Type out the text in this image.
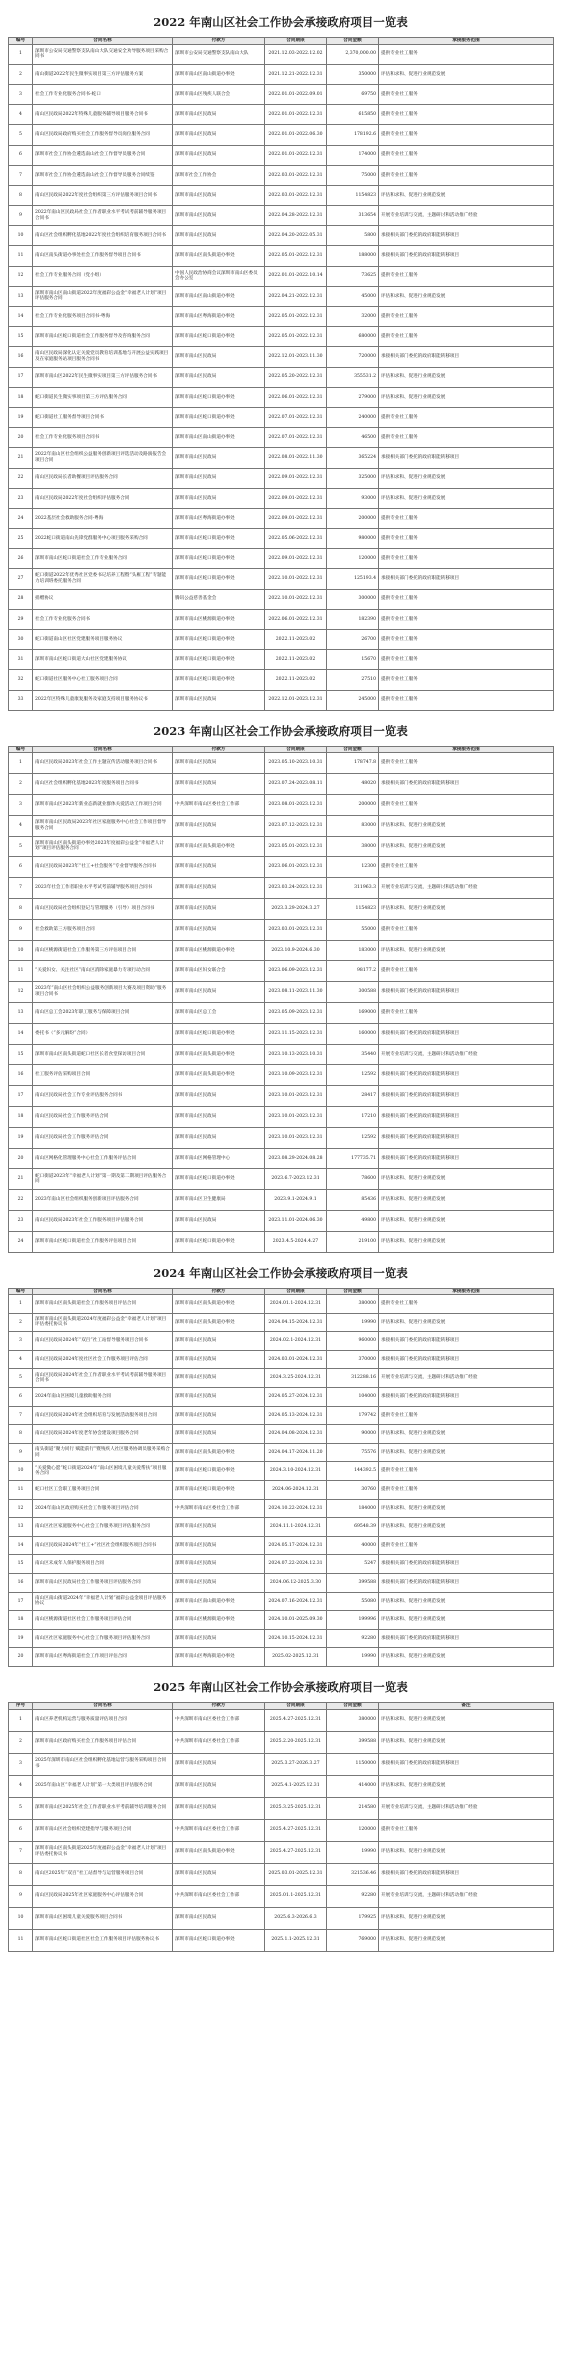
2022 年南山区社会工作协会承接政府项目一览表
编号	合同名称	付款方	合同期限	合同金额	承接服务范围
1	深圳市公安局交通警察支队南山大队交通安全劝导服务项目采购合同书	深圳市公安局交通警察支队南山大队	2021.12.03-2022.12.02	2,370,000.00	提供专业社工服务
2	南山街道2022年民生微事实项目第三方评估服务方案	深圳市南山区南山街道办事处	2021.12.21-2022.12.31	350000	评估和求和、促进行业规范发展
3	社会工作专业化服务合同书-蛇口	深圳市南山区残疾人联合会	2022.01.01-2022.09.01	69750	提供专业社工服务
4	南山区民政局2022年特殊儿童服务辅导项目服务合同书	深圳市南山区民政局	2022.01.01-2022.12.31	615850	提供专业社工服务
5	南山区民政局政府购买社会工作服务督导员岗位服务合同	深圳市南山区民政局	2022.01.01-2022.06.30	178192.6	提供专业社工服务
6	深圳市社会工作协会遴选南山社会工作督导员服务合同	深圳市南山区民政局	2022.01.01-2022.12.31	174000	提供专业社工服务
7	深圳市社会工作协会遴选南山社会工作督导员服务合同续签	深圳市社会工作协会	2022.03.01-2022.12.31	75000	提供专业社工服务
8	南山区民政局2022年度社会组织第三方评估服务项目合同书	深圳市南山区民政局	2022.03.01-2022.12.31	1154823	评估和求和、促进行业规范发展
9	2022年南山区民政局社会工作者职业水平考试考前辅导服务项目合同书	深圳市南山区民政局	2022.04.28-2022.12.31	313654	开展专业培训与交流，主题研讨和活动推广经验
10	南山区社会组织孵化基地2022年度社会组织培育服务项目合同书	深圳市南山区民政局	2022.04.20-2022.05.31	5800	承接相关部门委托的政府职能转移项目
11	南山区南头街道办事处社会工作服务督导项目合同书	深圳市南山区南头街道办事处	2022.05.01-2022.12.31	188000	承接相关部门委托的政府职能转移项目
12	社会工作专业服务合同（党小组）	中国人民政治协商会议深圳市南山区委员会办公室	2022.01.01-2022.10.14	73625	提供专业社工服务
13	深圳市南山区南山街道2022年度福彩公益金“幸福老人计划”项目评估服务合同	深圳市南山区南山街道办事处	2022.04.21-2022.12.31	45000	评估和求和、促进行业规范发展
14	社会工作专业化服务项目合同书-粤海	深圳市南山区粤海街道办事处	2022.05.01-2022.12.31	32000	提供专业社工服务
15	深圳市南山区蛇口街道社会工作服务督导及咨询服务合同	深圳市南山区蛇口街道办事处	2022.05.01-2022.12.31	680000	提供专业社工服务
16	南山区民政局深化认定关爱党员教育培训基地与开展公益实践项目及在家庭服务站项目服务合同书	深圳市南山区民政局	2022.12.01-2023.11.30	720000	承接相关部门委托的政府职能转移项目
17	深圳市南山区2022年民生微事实项目第三方评估服务合同书	深圳市南山区民政局	2022.05.20-2022.12.31	355531.2	评估和求和、促进行业规范发展
18	蛇口街道民生微实事项目第三方评估服务合同	深圳市南山区蛇口街道办事处	2022.06.01-2022.12.31	279000	评估和求和、促进行业规范发展
19	蛇口街道社工服务督导项目合同书	深圳市南山区蛇口街道办事处	2022.07.01-2022.12.31	240000	提供专业社工服务
20	社会工作专业化服务项目合同书	深圳市南山区南山街道办事处	2022.07.01-2022.12.31	46500	提供专业社工服务
21	2022年南山区社会组织公益服务创新项目评选活动及路演报告会项目合同	深圳市南山区民政局	2022.08.01-2022.11.30	365224	承接相关部门委托的政府职能转移项目
22	南山区民政局长者助餐项目评估服务合同	深圳市南山区民政局	2022.09.01-2022.12.31	325000	评估和求和、促进行业规范发展
23	南山区民政局2022年度社会组织评估服务合同	深圳市南山区民政局	2022.09.01-2022.12.31	93000	评估和求和、促进行业规范发展
24	2022基层社会救助服务合同-粤海	深圳市南山区粤海街道办事处	2022.09.01-2022.12.31	200000	提供专业社工服务
25	2022蛇口街道南山先锋党群服务中心项目服务采购合同	深圳市南山区蛇口街道办事处	2022.05.06-2022.12.31	980000	提供专业社工服务
26	深圳市南山区蛇口街道社会工作专业服务合同	深圳市南山区蛇口街道办事处	2022.09.01-2022.12.31	120000	提供专业社工服务
27	蛇口街道2022年优秀社区党委书记培养工程暨“头雁工程”专题能力培训班委托服务合同	深圳市南山区蛇口街道办事处	2022.10.01-2022.12.31	125193.4	承接相关部门委托的政府职能转移项目
28	捐赠协议	腾讯公益慈善基金会	2022.10.01-2022.12.31	300000	提供专业社工服务
29	社会工作专业化服务合同书	深圳市南山区桃源街道办事处	2022.06.01-2022.12.31	182390	提供专业社工服务
30	蛇口街道南山区社区党建服务项目服务协议	深圳市南山区蛇口街道办事处	2022.11-2023.02	26700	提供专业社工服务
31	深圳市南山区蛇口街道大山社区党建服务协议	深圳市南山区蛇口街道办事处	2022.11-2023.02	15670	提供专业社工服务
32	蛇口街道社区服务中心社工服务项目合同	深圳市南山区蛇口街道办事处	2022.11-2023.02	27510	提供专业社工服务
33	2022年区特殊儿童康复服务及家庭支持项目服务协议书	深圳市南山区民政局	2022.12.01-2023.12.31	245000	提供专业社工服务
2023 年南山区社会工作协会承接政府项目一览表
编号	合同名称	付款方	合同期限	合同金额	承接服务范围
1	南山区民政局2023年社会工作主题宣传活动服务项目合同书	深圳市南山区民政局	2023.05.10-2023.10.31	178747.8	提供专业社工服务
2	南山区社会组织孵化基地2023年度服务项目合同书	深圳市南山区民政局	2023.07.24-2023.08.11	48020	承接相关部门委托的政府职能转移项目
3	深圳市南山区2023年新业态新就业群体关爱活动工作项目合同	中共深圳市南山区委社会工作部	2023.08.01-2023.12.31	200000	提供专业社工服务
4	深圳市南山区民政局2023年社区家庭服务中心社会工作项目督导服务合同	深圳市南山区民政局	2023.07.12-2023.12.31	83000	评估和求和、促进行业规范发展
5	深圳市南山区南头街道办事处2023年度福彩公益金“幸福老人计划”项目评估服务合同	深圳市南山区南头街道办事处	2023.05.01-2023.12.31	38000	评估和求和、促进行业规范发展
6	南山区民政局2023年“社工+社会服务”专业督导服务合同书	深圳市南山区民政局	2023.06.01-2023.12.31	12300	提供专业社工服务
7	2023年社会工作者职业水平考试考前辅导服务项目合同书	深圳市南山区民政局	2023.03.24-2023.12.31	311963.3	开展专业培训与交流，主题研讨和活动推广经验
8	南山区民政局社会组织登记与管理服务（引导）项目合同书	深圳市南山区民政局	2023.3.29-2024.3.27	1154823	评估和求和、促进行业规范发展
9	社会救助第三方服务项目合同	深圳市南山区民政局	2023.03.01-2023.12.31	55000	提供专业社工服务
10	南山区桃源街道社会工作服务第三方评估项目合同	深圳市南山区桃源街道办事处	2023.10.9-2024.6.30	183000	评估和求和、促进行业规范发展
11	“关爱妇女、关注社区”南山区消除家庭暴力专项行动合同	深圳市南山区妇女联合会	2023.06.09-2023.12.31	98177.2	提供专业社工服务
12	2023年“南山区社会组织公益服务创新项目大赛及项目资助”服务项目合同书	深圳市南山区民政局	2023.08.11-2023.11.30	300588	承接相关部门委托的政府职能转移项目
13	南山区总工会2023年职工服务与保障项目合同	深圳市南山区总工会	2023.05.09-2023.12.31	169000	提供专业社工服务
14	委托书（“多元解纷”合同）	深圳市南山区蛇口街道办事处	2023.11.15-2023.12.31	160000	承接相关部门委托的政府职能转移项目
15	深圳市南山区南头街道蛇口社区长者食堂探访项目合同	深圳市南山区南头街道办事处	2023.10.13-2023.10.31	35440	开展专业培训与交流，主题研讨和活动推广经验
16	社工服务评估采购项目合同	深圳市南山区南头街道办事处	2023.10.09-2023.12.31	12592	承接相关部门委托的政府职能转移项目
17	南山区民政局社会工作专业评估服务合同书	深圳市南山区民政局	2023.10.01-2023.12.31	28417	承接相关部门委托的政府职能转移项目
18	南山区民政局社会工作服务评估合同	深圳市南山区民政局	2023.10.01-2023.12.31	17210	承接相关部门委托的政府职能转移项目
19	南山区民政局社会工作服务评估合同	深圳市南山区民政局	2023.10.01-2023.12.31	12592	承接相关部门委托的政府职能转移项目
20	南山区网格化管理服务中心社会工作服务评估合同	深圳市南山区网格管理中心	2023.08.29-2024.08.28	177735.71	承接相关部门委托的政府职能转移项目
21	蛇口街道2023年“幸福老人计划”第一期及第二期项目评估服务合同	深圳市南山区蛇口街道办事处	2023.6.7-2023.12.31	78600	评估和求和、促进行业规范发展
22	2023年南山区社会组织服务创新项目评估服务合同	深圳市南山区卫生健康局	2023.9.1-2024.9.1	85436	评估和求和、促进行业规范发展
23	南山区民政局2023年社会工作服务项目评估服务合同	深圳市南山区民政局	2023.11.01-2024.06.30	49800	评估和求和、促进行业规范发展
24	深圳市南山区蛇口街道社会工作服务评估项目合同	深圳市南山区蛇口街道办事处	2023.4.5-2024.4.27	219100	评估和求和、促进行业规范发展
2024 年南山区社会工作协会承接政府项目一览表
编号	合同名称	付款方	合同期限	合同金额	承接服务范围
1	深圳市南山区南头街道社会工作服务项目评估合同	深圳市南山区南头街道办事处	2024.01.1-2024.12.31	380000	提供专业社工服务
2	深圳市南山区南头街道2024年度福彩公益金“幸福老人计划”项目评估委托协议书	深圳市南山区南头街道办事处	2024.04.15-2024.12.31	19990	评估和求和、促进行业规范发展
3	南山区民政局2024年“双百”社工站督导服务项目合同书	深圳市南山区民政局	2024.02.1-2024.12.31	960000	承接相关部门委托的政府职能转移项目
4	南山区民政局2024年度社区社会工作服务项目评估合同	深圳市南山区民政局	2024.03.01-2024.12.31	370000	承接相关部门委托的政府职能转移项目
5	南山区民政局2024年社会工作者职业水平考试考前辅导服务项目合同书	深圳市南山区民政局	2024.3.25-2024.12.31	312288.16	开展专业培训与交流，主题研讨和活动推广经验
6	2024年南山区困境儿童救助服务合同	深圳市南山区民政局	2024.05.27-2024.12.31	104000	承接相关部门委托的政府职能转移项目
7	南山区民政局2024年社会组织培育与发展活动服务项目合同	深圳市南山区民政局	2024.05.13-2024.12.31	179742	提供专业社工服务
8	南山区民政局2024年度老年协会建设项目服务合同	深圳市南山区民政局	2024.04.08-2024.12.31	90000	评估和求和、促进行业规范发展
9	南头街道“聚力同行 赋能前行”暨残疾人社区服务协调员服务采购合同	深圳市南山区南头街道办事处	2024.04.17-2024.11.20	75576	评估和求和、促进行业规范发展
10	“关爱微心愿”蛇口街道2024年“南山区困境儿童关爱帮扶”项目服务合同	深圳市南山区蛇口街道办事处	2024.3.10-2024.12.31	144392.5	提供专业社工服务
11	蛇口社区工会职工服务项目合同	深圳市南山区蛇口街道办事处	2024.06-2024.12.31	30760	提供专业社工服务
12	2024年南山区政府购买社会工作服务项目评估合同	中共深圳市南山区委社会工作部	2024.10.22-2024.12.31	184000	评估和求和、促进行业规范发展
13	南山区社区家庭服务中心社会工作服务项目评估服务合同	深圳市南山区民政局	2024.11.1-2024.12.31	69548.39	评估和求和、促进行业规范发展
14	南山区民政局2024年“社工+”社区社会组织服务项目合同书	深圳市南山区民政局	2024.05.17-2024.12.31	40000	提供专业社工服务
15	南山区未成年人保护服务项目合同	深圳市南山区民政局	2024.07.22-2024.12.31	5247	承接相关部门委托的政府职能转移项目
16	深圳市南山区民政局社会工作服务项目评估服务合同	深圳市南山区民政局	2024.06.12-2025.3.30	399588	承接相关部门委托的政府职能转移项目
17	南山区南山街道2024年“幸福老人计划”福彩公益金项目评估服务协议	深圳市南山区南山街道办事处	2024.07.16-2024.12.31	55080	评估和求和、促进行业规范发展
18	南山区桃源街道社区社会工作服务项目评估合同	深圳市南山区桃源街道办事处	2024.10.01-2025.09.30	199996	评估和求和、促进行业规范发展
19	南山区社区家庭服务中心社会工作服务项目评估服务合同	深圳市南山区民政局	2024.10.15-2024.12.31	92280	承接相关部门委托的政府职能转移项目
20	深圳市南山区粤海街道社会工作项目评估合同	深圳市南山区粤海街道办事处	2025.02-2025.12.31	19990	评估和求和、促进行业规范发展
2025 年南山区社会工作协会承接政府项目一览表
序号	合同名称	付款方	合同期限	合同金额	备注
1	南山区养老机构运营与服务质量评估项目合同	中共深圳市南山区委社会工作部	2025.4.27-2025.12.31	380000	评估和求和、促进行业规范发展
2	深圳市南山区政府购买社会工作服务项目评估合同	中共深圳市南山区委社会工作部	2025.2.20-2025.12.31	399588	评估和求和、促进行业规范发展
3	2025年深圳市南山区社会组织孵化基地运营与服务采购项目合同书	深圳市南山区民政局	2025.3.27-2026.3.27	1150000	承接相关部门委托的政府职能转移项目
4	2025年南山区“幸福老人计划”第一大类项目评估服务合同	深圳市南山区民政局	2025.4.1-2025.12.31	414000	评估和求和、促进行业规范发展
5	深圳市南山区2025年社会工作者职业水平考前辅导培训服务合同	深圳市南山区民政局	2025.3.25-2025.12.31	214580	开展专业培训与交流，主题研讨和活动推广经验
6	深圳市南山区社会组织党建指导与服务项目合同	中共深圳市南山区委社会工作部	2025.4.27-2025.12.31	120000	提供专业社工服务
7	深圳市南山区南头街道2025年度福彩公益金“幸福老人计划”项目评估委托协议书	深圳市南山区南头街道办事处	2025.4.27-2025.12.31	19990	评估和求和、促进行业规范发展
8	南山区2025年“双百”社工站督导与运营服务项目合同	深圳市南山区民政局	2025.03.01-2025.12.31	321536.46	承接相关部门委托的政府职能转移项目
9	南山区民政局2025年社区家庭服务中心评估服务合同	中共深圳市南山区委社会工作部	2025.01.1-2025.12.31	92280	开展专业培训与交流，主题研讨和活动推广经验
10	深圳市南山区困境儿童关爱服务项目合同书	深圳市南山区民政局	2025.6.3-2026.6.3	179925	评估和求和、促进行业规范发展
11	深圳市南山区蛇口街道社区社会工作服务项目评估服务协议书	深圳市南山区蛇口街道办事处	2025.1.1-2025.12.31	769000	评估和求和、促进行业规范发展
